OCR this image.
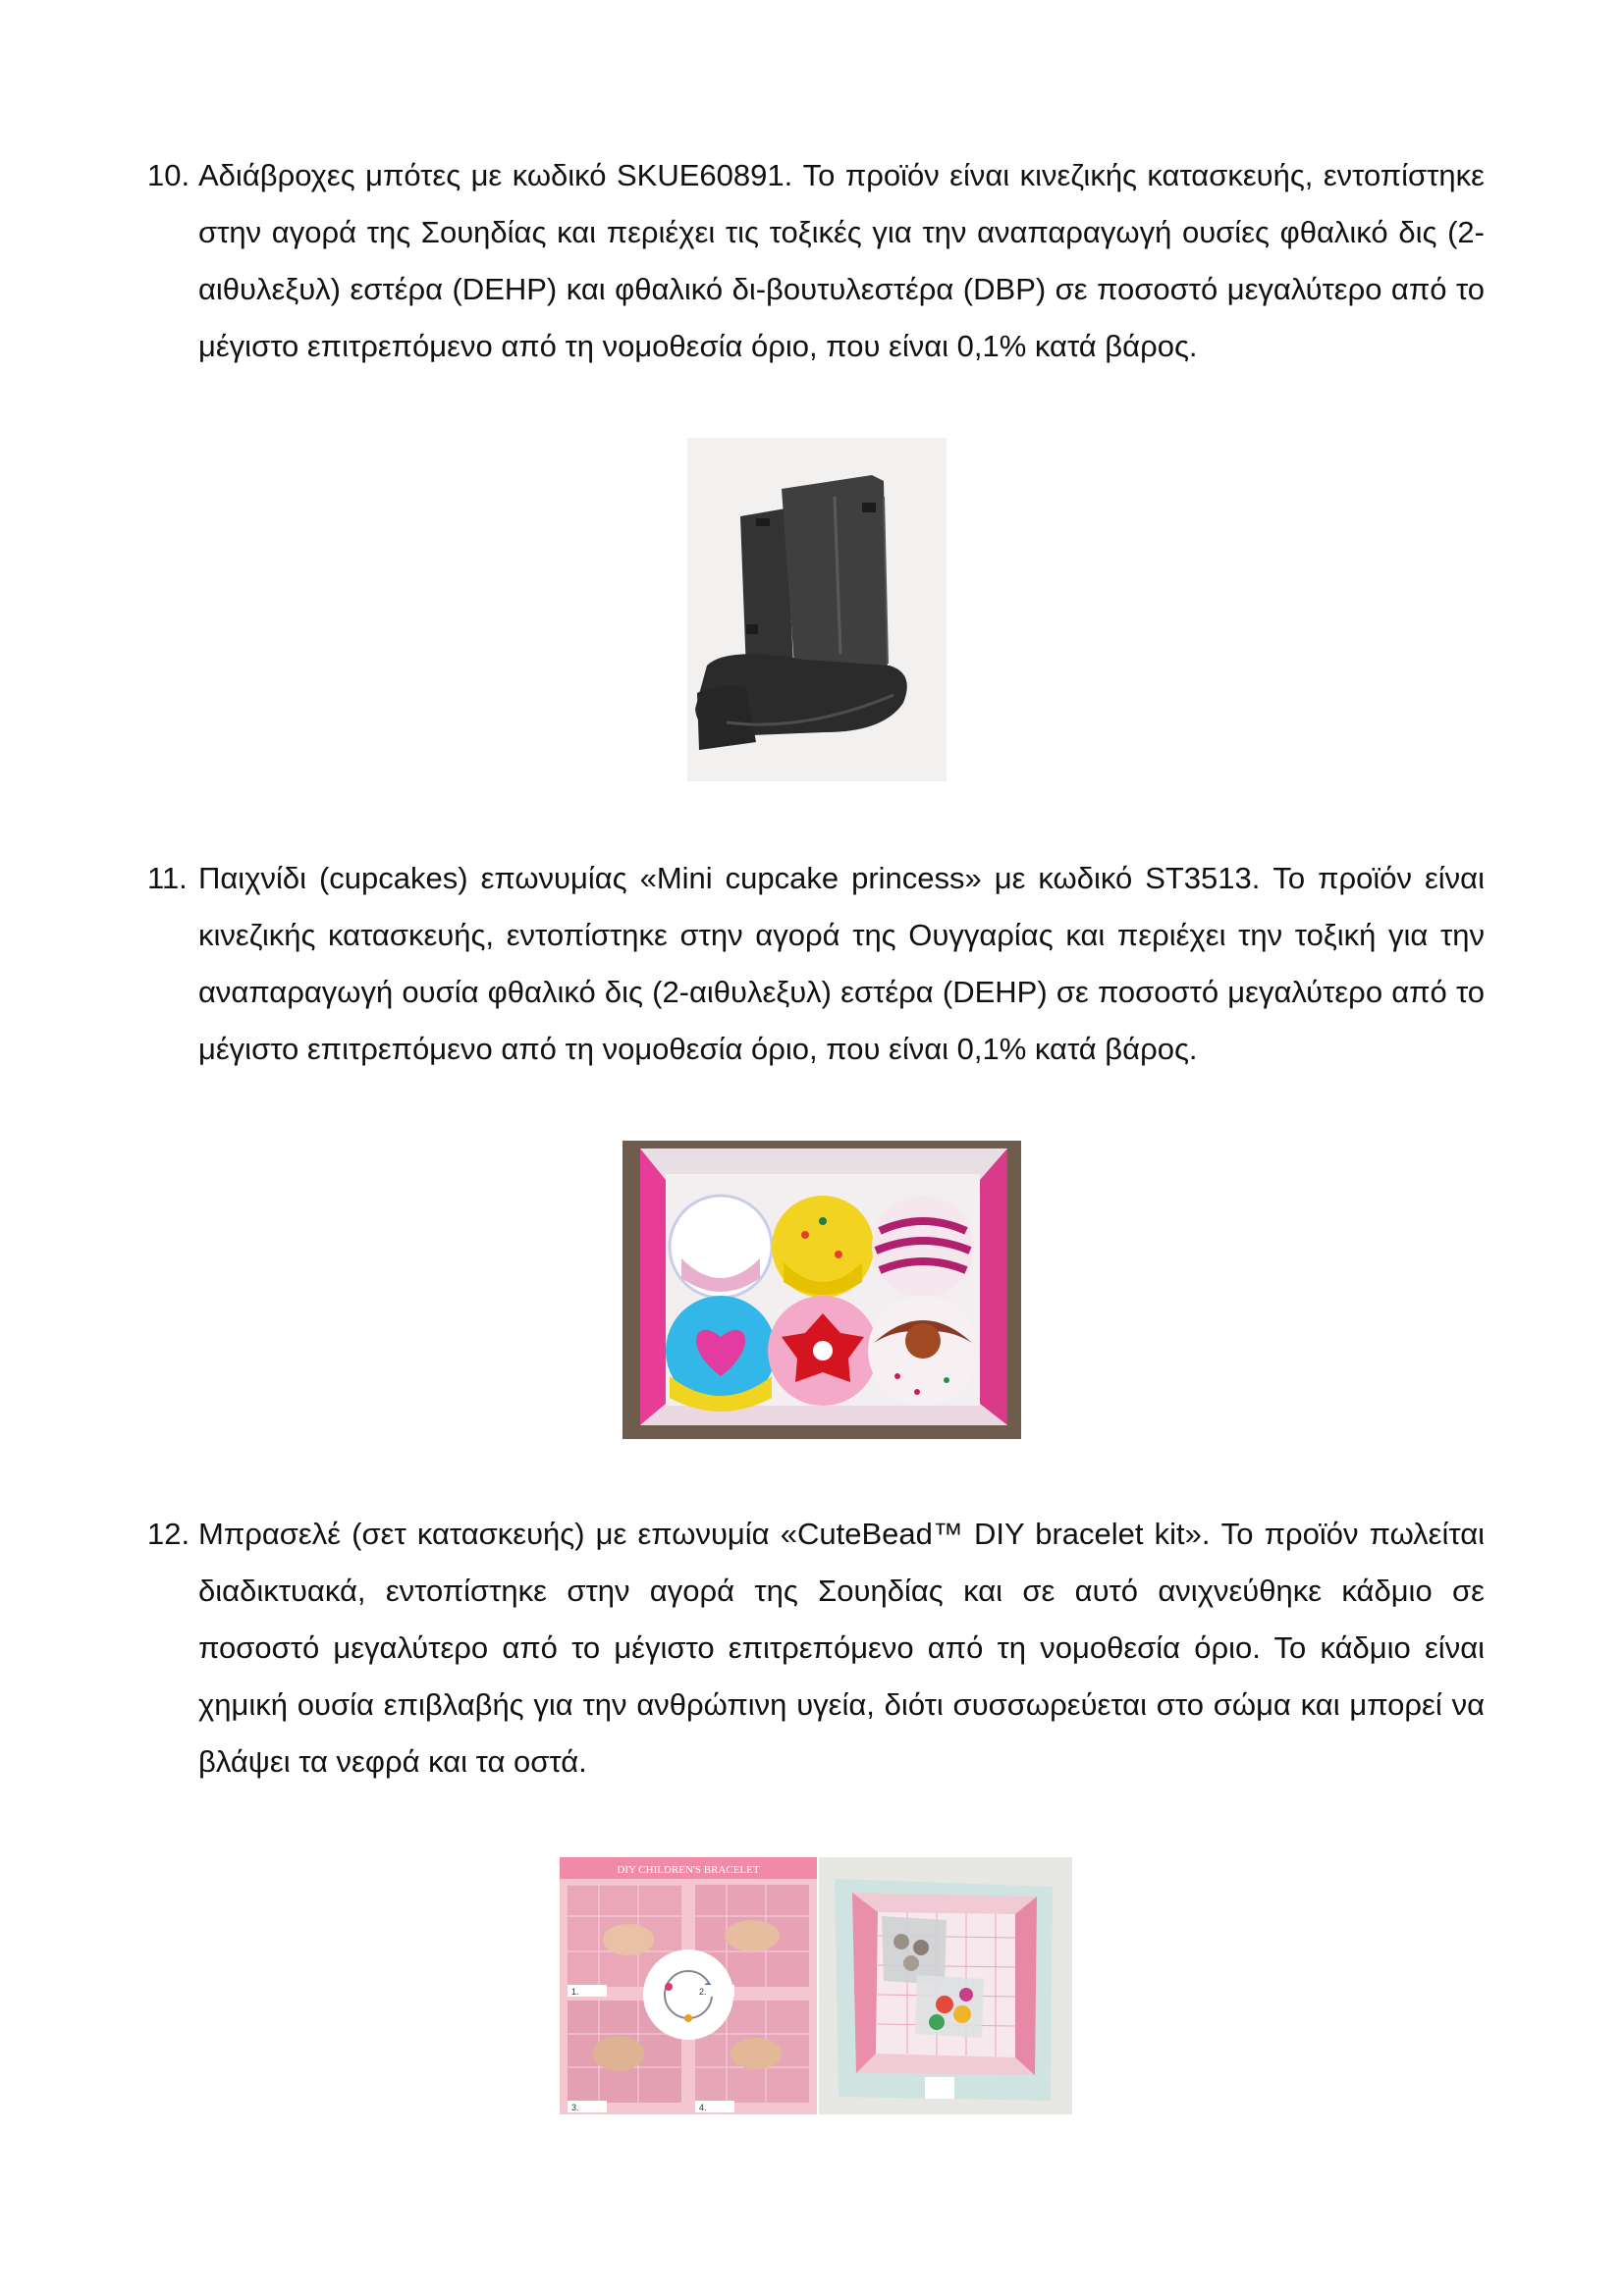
10. Αδιάβροχες μπότες με κωδικό SKUE60891. Το προϊόν είναι κινεζικής κατασκευής, εντοπίστηκε στην αγορά της Σουηδίας και περιέχει τις τοξικές για την αναπαραγωγή ουσίες φθαλικό δις (2-αιθυλεξυλ) εστέρα (DEHP) και φθαλικό δι-βουτυλεστέρα (DBP) σε ποσοστό μεγαλύτερο από το μέγιστο επιτρεπόμενο από τη νομοθεσία όριο, που είναι 0,1% κατά βάρος.
11. Παιχνίδι (cupcakes) επωνυμίας «Mini cupcake princess» με κωδικό ST3513. Το προϊόν είναι κινεζικής κατασκευής, εντοπίστηκε στην αγορά της Ουγγαρίας και περιέχει την τοξική για την αναπαραγωγή ουσία φθαλικό δις (2-αιθυλεξυλ) εστέρα (DEHP) σε ποσοστό μεγαλύτερο από το μέγιστο επιτρεπόμενο από τη νομοθεσία όριο, που είναι 0,1% κατά βάρος.
12. Μπρασελέ (σετ κατασκευής) με επωνυμία «CuteBead™ DIY bracelet kit». Το προϊόν πωλείται διαδικτυακά, εντοπίστηκε στην αγορά της Σουηδίας και σε αυτό ανιχνεύθηκε κάδμιο σε ποσοστό μεγαλύτερο από το μέγιστο επιτρεπόμενο από τη νομοθεσία όριο. Το κάδμιο είναι χημική ουσία επιβλαβής για την ανθρώπινη υγεία, διότι συσσωρεύεται στο σώμα και μπορεί να βλάψει τα νεφρά και τα οστά.
DIY CHILDREN'S BRACELET
1.	2.
3.	4.
